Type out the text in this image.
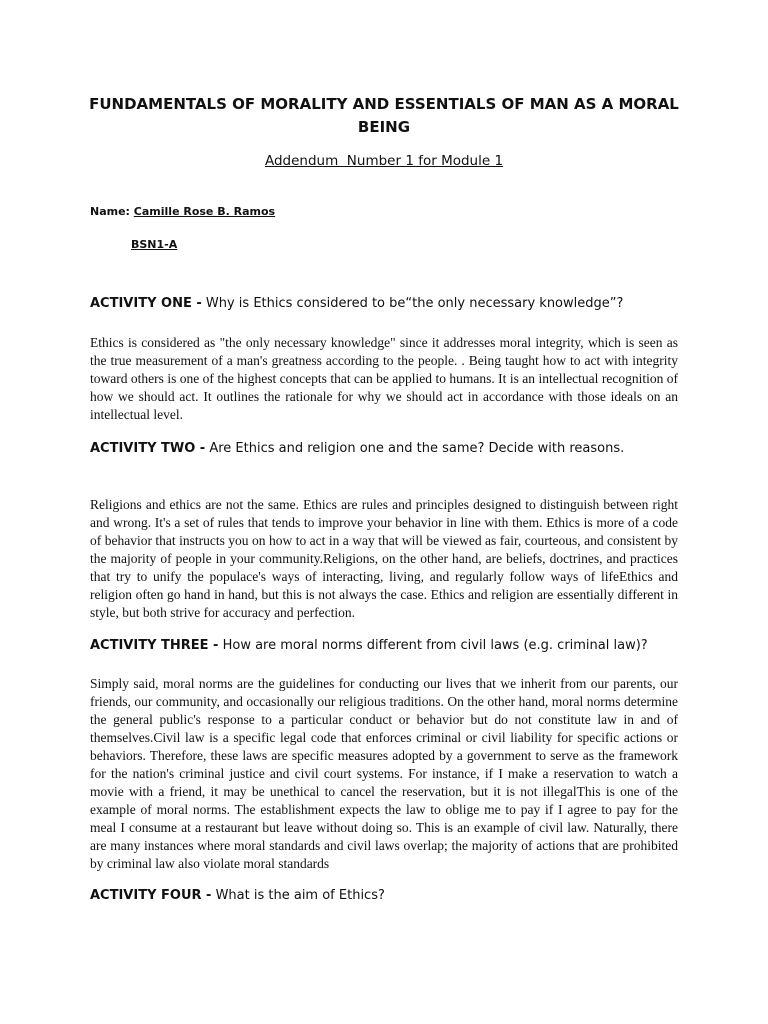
FUNDAMENTALS OF MORALITY AND ESSENTIALS OF MAN AS A MORAL BEING

Addendum  Number 1 for Module 1

Name: Camille Rose B. Ramos
BSN1-A
ACTIVITY ONE - Why is Ethics considered to be“the only necessary knowledge”?

Ethics is considered as "the only necessary knowledge" since it addresses moral integrity, which is seen as the true measurement of a man's greatness according to the people. . Being taught how to act with integrity toward others is one of the highest concepts that can be applied to humans. It is an intellectual recognition of how we should act. It outlines the rationale for why we should act in accordance with those ideals on an intellectual level.

ACTIVITY TWO - Are Ethics and religion one and the same? Decide with reasons.

Religions and ethics are not the same. Ethics are rules and principles designed to distinguish between right and wrong. It's a set of rules that tends to improve your behavior in line with them. Ethics is more of a code of behavior that instructs you on how to act in a way that will be viewed as fair, courteous, and consistent by the majority of people in your community.Religions, on the other hand, are beliefs, doctrines, and practices that try to unify the populace's ways of interacting, living, and regularly follow ways of lifeEthics and religion often go hand in hand, but this is not always the case. Ethics and religion are essentially different in style, but both strive for accuracy and perfection.

ACTIVITY THREE - How are moral norms different from civil laws (e.g. criminal law)?

Simply said, moral norms are the guidelines for conducting our lives that we inherit from our parents, our friends, our community, and occasionally our religious traditions. On the other hand, moral norms determine the general public's response to a particular conduct or behavior but do not constitute law in and of themselves.Civil law is a specific legal code that enforces criminal or civil liability for specific actions or behaviors. Therefore, these laws are specific measures adopted by a government to serve as the framework for the nation's criminal justice and civil court systems. For instance, if I make a reservation to watch a movie with a friend, it may be unethical to cancel the reservation, but it is not illegalThis is one of the example of moral norms. The establishment expects the law to oblige me to pay if I agree to pay for the meal I consume at a restaurant but leave without doing so. This is an example of civil law. Naturally, there are many instances where moral standards and civil laws overlap; the majority of actions that are prohibited by criminal law also violate moral standards

ACTIVITY FOUR - What is the aim of Ethics?
